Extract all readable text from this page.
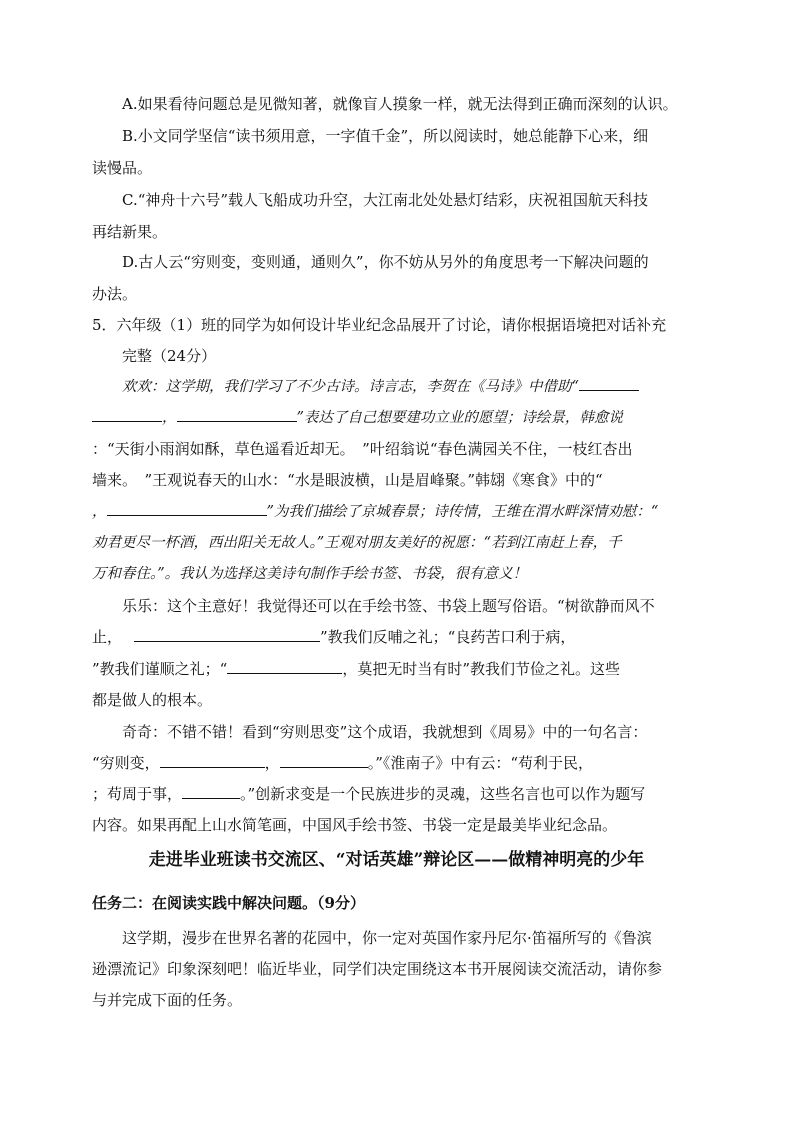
A.如果看待问题总是见微知著，就像盲人摸象一样，就无法得到正确而深刻的认识。
B.小文同学坚信“读书须用意，一字值千金”，所以阅读时，她总能静下心来，细
读慢品。
C.“神舟十六号”载人飞船成功升空，大江南北处处悬灯结彩，庆祝祖国航天科技
再结新果。
D.古人云“穷则变，变则通，通则久”，你不妨从另外的角度思考一下解决问题的
办法。
5．六年级（1）班的同学为如何设计毕业纪念品展开了讨论，请你根据语境把对话补充
完整（24分）
欢欢：这学期，我们学习了不少古诗。诗言志，李贺在《马诗》中借助“
，	”表达了自己想要建功立业的愿望；诗绘景，韩愈说
：“天街小雨润如酥，草色遥看近却无。　”叶绍翁说“春色满园关不住，一枝红杏出
墙来。　”王观说春天的山水：“水是眼波横，山是眉峰聚。”韩翃《寒食》中的“
，	”为我们描绘了京城春景；诗传情，王维在渭水畔深情劝慰：“
劝君更尽一杯酒，西出阳关无故人。”王观对朋友美好的祝愿：“若到江南赶上春，千
万和春住。”。我认为选择这美诗句制作手绘书签、书袋，很有意义！
乐乐：这个主意好！我觉得还可以在手绘书签、书袋上题写俗语。“树欲静而风不
止，	”教我们反哺之礼；“良药苦口利于病，
”教我们谨顺之礼；“	，莫把无时当有时”教我们节俭之礼。这些
都是做人的根本。
奇奇：不错不错！看到“穷则思变”这个成语，我就想到《周易》中的一句名言：
“穷则变，	，	。”《淮南子》中有云：“苟利于民，
；苟周于事，	。”创新求变是一个民族进步的灵魂，这些名言也可以作为题写
内容。如果再配上山水简笔画，中国风手绘书签、书袋一定是最美毕业纪念品。
走进毕业班读书交流区、“对话英雄”辩论区——做精神明亮的少年
任务二：在阅读实践中解决问题。（9分）
这学期，漫步在世界名著的花园中，你一定对英国作家丹尼尔·笛福所写的《鲁滨
逊漂流记》印象深刻吧！临近毕业，同学们决定围绕这本书开展阅读交流活动，请你参
与并完成下面的任务。
